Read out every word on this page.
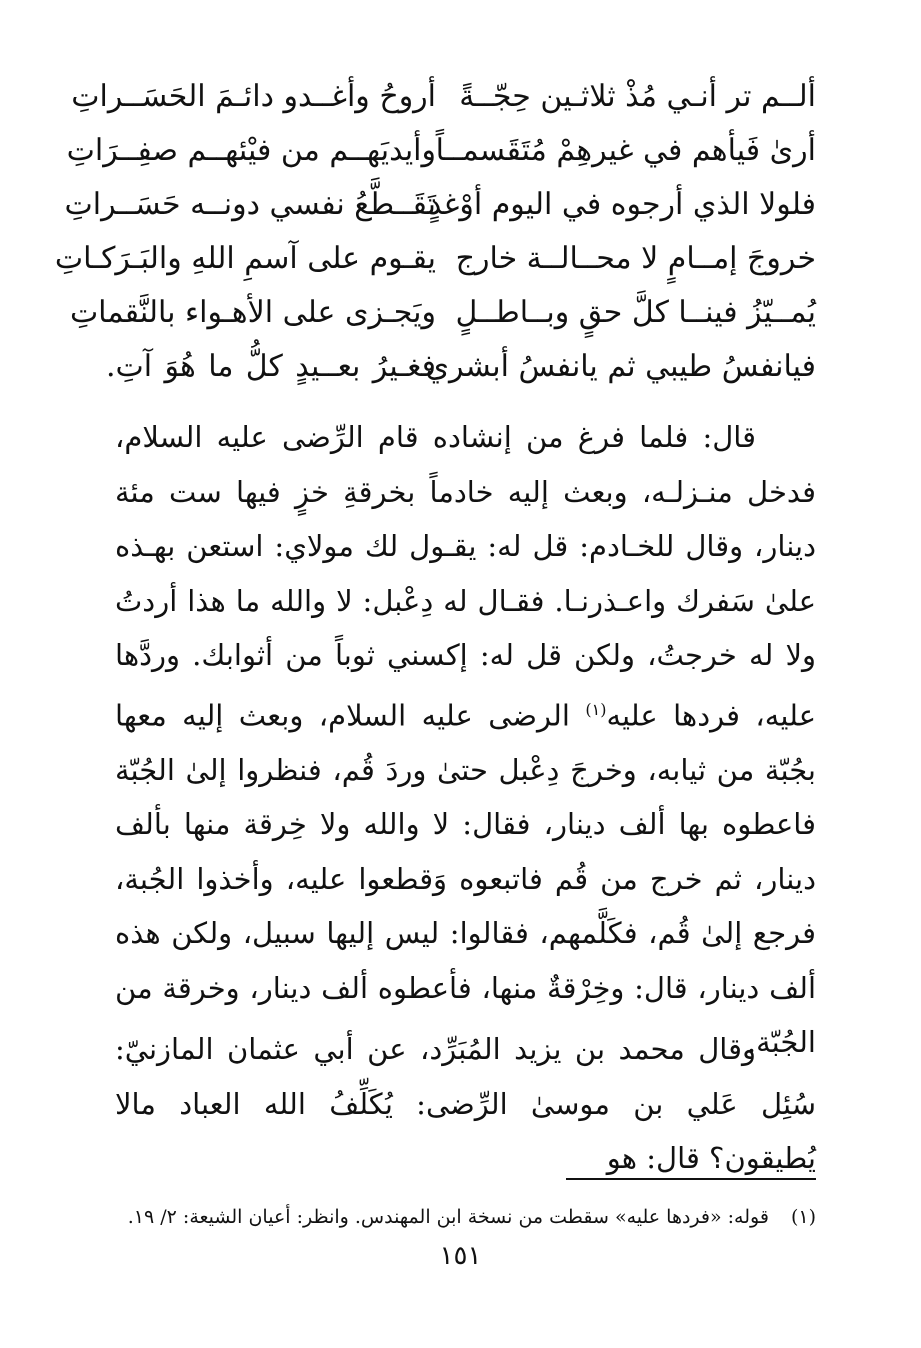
ألــم تر أنـي مُذْ ثلاثـين حِجّــةً
أروحُ وأغــدو دائـمَ الحَسَــراتِ
أرىٰ فَيأهم في غيرهِمْ مُتَقَسمــاً
وأيديَهــم من فيْئهــم صفِــرَاتِ
فلولا الذي أرجوه في اليوم أوْغدٍ
تَقَــطَّعُ نفسي دونــه حَسَــراتِ
خروجَ إمــامٍ لا محــالــة خارج
يقـوم على آسمِ اللهِ والبَـرَكـاتِ
يُمــيّزُ فينــا كلَّ حقٍ وبــاطــلٍ
ويَجـزى على الأهـواء بالنَّقماتِ
فيانفسُ طيبي ثم يانفسُ أبشري
فغـيرُ بعــيدٍ كلُّ ما هُوَ آتِ.

قال: فلما فرغ من إنشاده قام الرِّضى عليه السلام، فدخل منـزلـه، وبعث إليه خادماً بخرقةِ خزٍ فيها ست مئة دينار، وقال للخـادم: قل له: يقـول لك مولاي: استعن بهـذه علىٰ سَفرك واعـذرنـا. فقـال له دِعْبل: لا والله ما هذا أردتُ ولا له خرجتُ، ولكن قل له: إكسني ثوباً من أثوابك. وردَّها عليه، فردها عليه$^{(١)}$ الرضى عليه السلام، وبعث إليه معها بجُبّة من ثيابه، وخرجَ دِعْبل حتىٰ وردَ قُم، فنظروا إلىٰ الجُبّة فاعطوه بها ألف دينار، فقال: لا والله ولا خِرقة منها بألف دينار، ثم خرج من قُم فاتبعوه وَقطعوا عليه، وأخذوا الجُبة، فرجع إلىٰ قُم، فكَلَّمهم، فقالوا: ليس إليها سبيل، ولكن هذه ألف دينار، قال: وخِرْقةٌ منها، فأعطوه ألف دينار، وخرقة من الجُبّة.

وقال محمد بن يزيد المُبَرِّد، عن أبي عثمان المازنيّ: سُئِل عَلي بن موسىٰ الرِّضى: يُكَلِّفُ الله العباد مالا يُطيقون؟ قال: هو

(١)قوله: «فردها عليه» سقطت من نسخة ابن المهندس. وانظر: أعيان الشيعة: ٢/ ١٩.
١٥١
